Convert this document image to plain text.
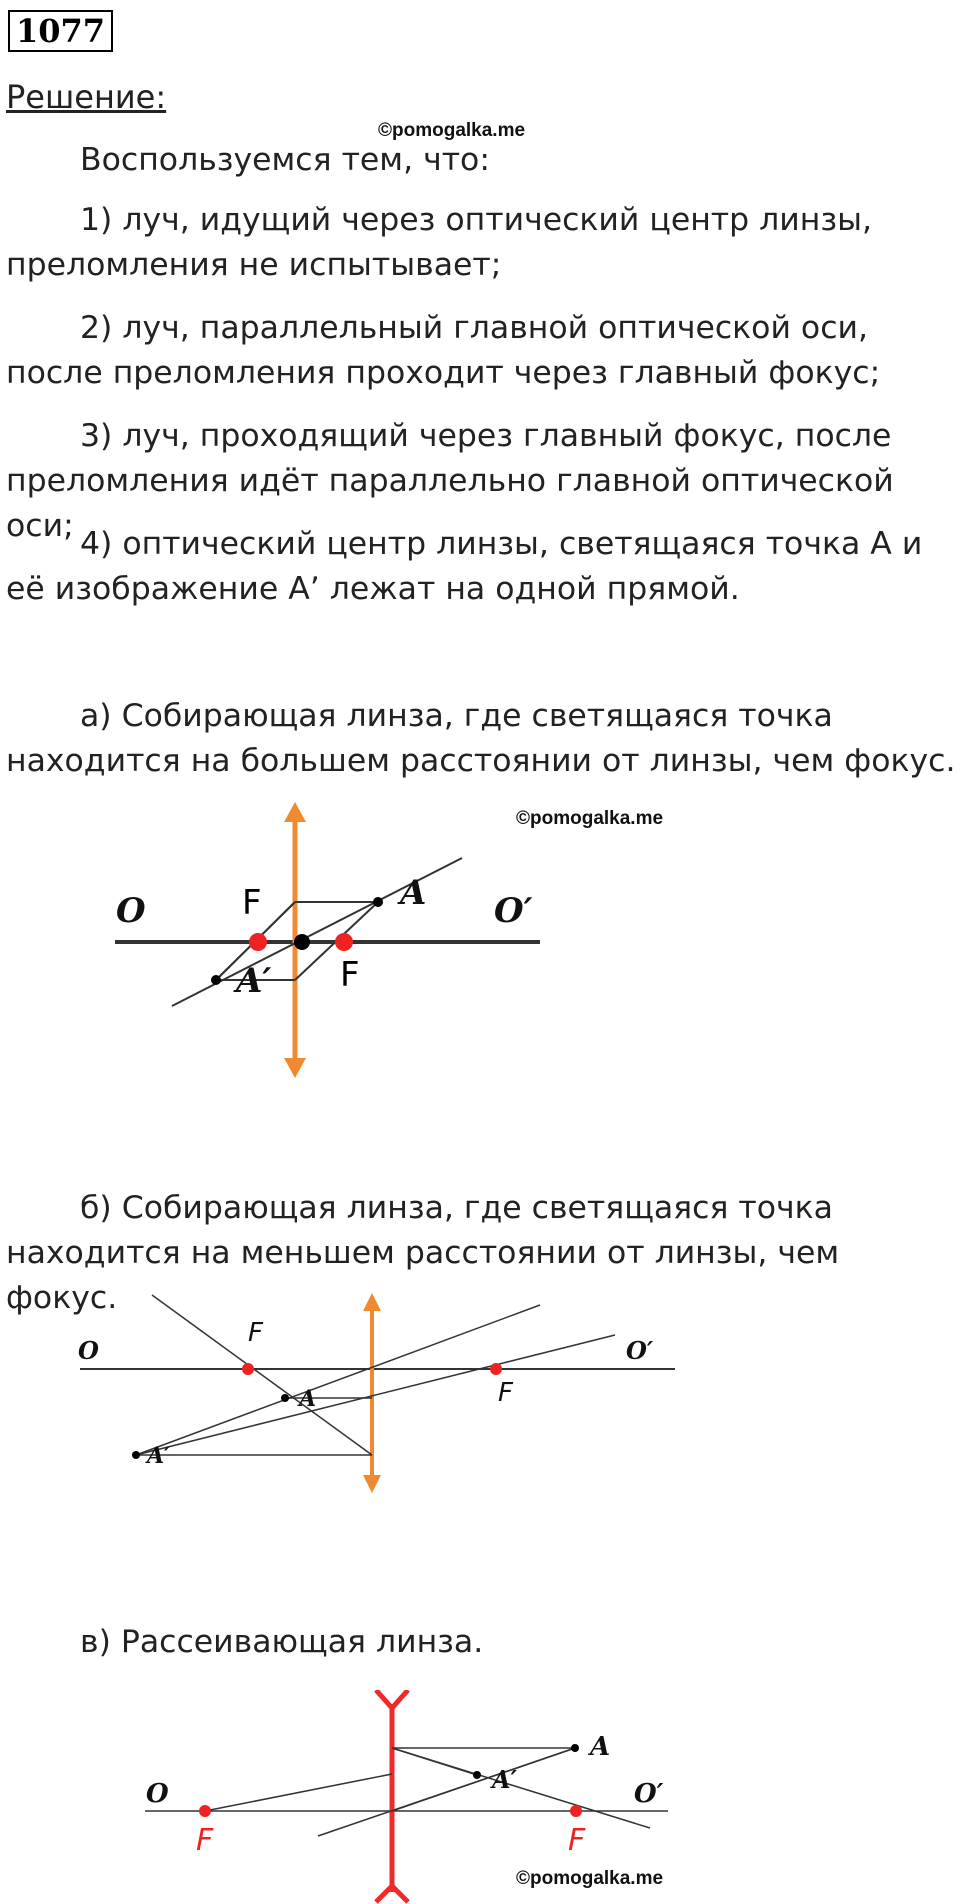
1077
Решение:
©pomogalka.me
Воспользуемся тем, что:
1) луч, идущий через оптический центр линзы, преломления не испытывает;
2) луч, параллельный главной оптической оси, после преломления проходит через главный фокус;
3) луч, проходящий через главный фокус, после преломления идёт параллельно главной оптической оси; 4) оптический центр линзы, светящаяся точка А и её изображение А’ лежат на одной прямой.
а) Собирающая линза, где светящаяся точка находится на большем расстоянии от линзы, чем фокус.
O	O′
F
F
A
A′
©pomogalka.me
б) Собирающая линза, где светящаяся точка находится на меньшем расстоянии от линзы, чем фокус.
O	O′
F
F
A
A′
в) Рассеивающая линза.
O	O′
F	F
A
A′
©pomogalka.me
